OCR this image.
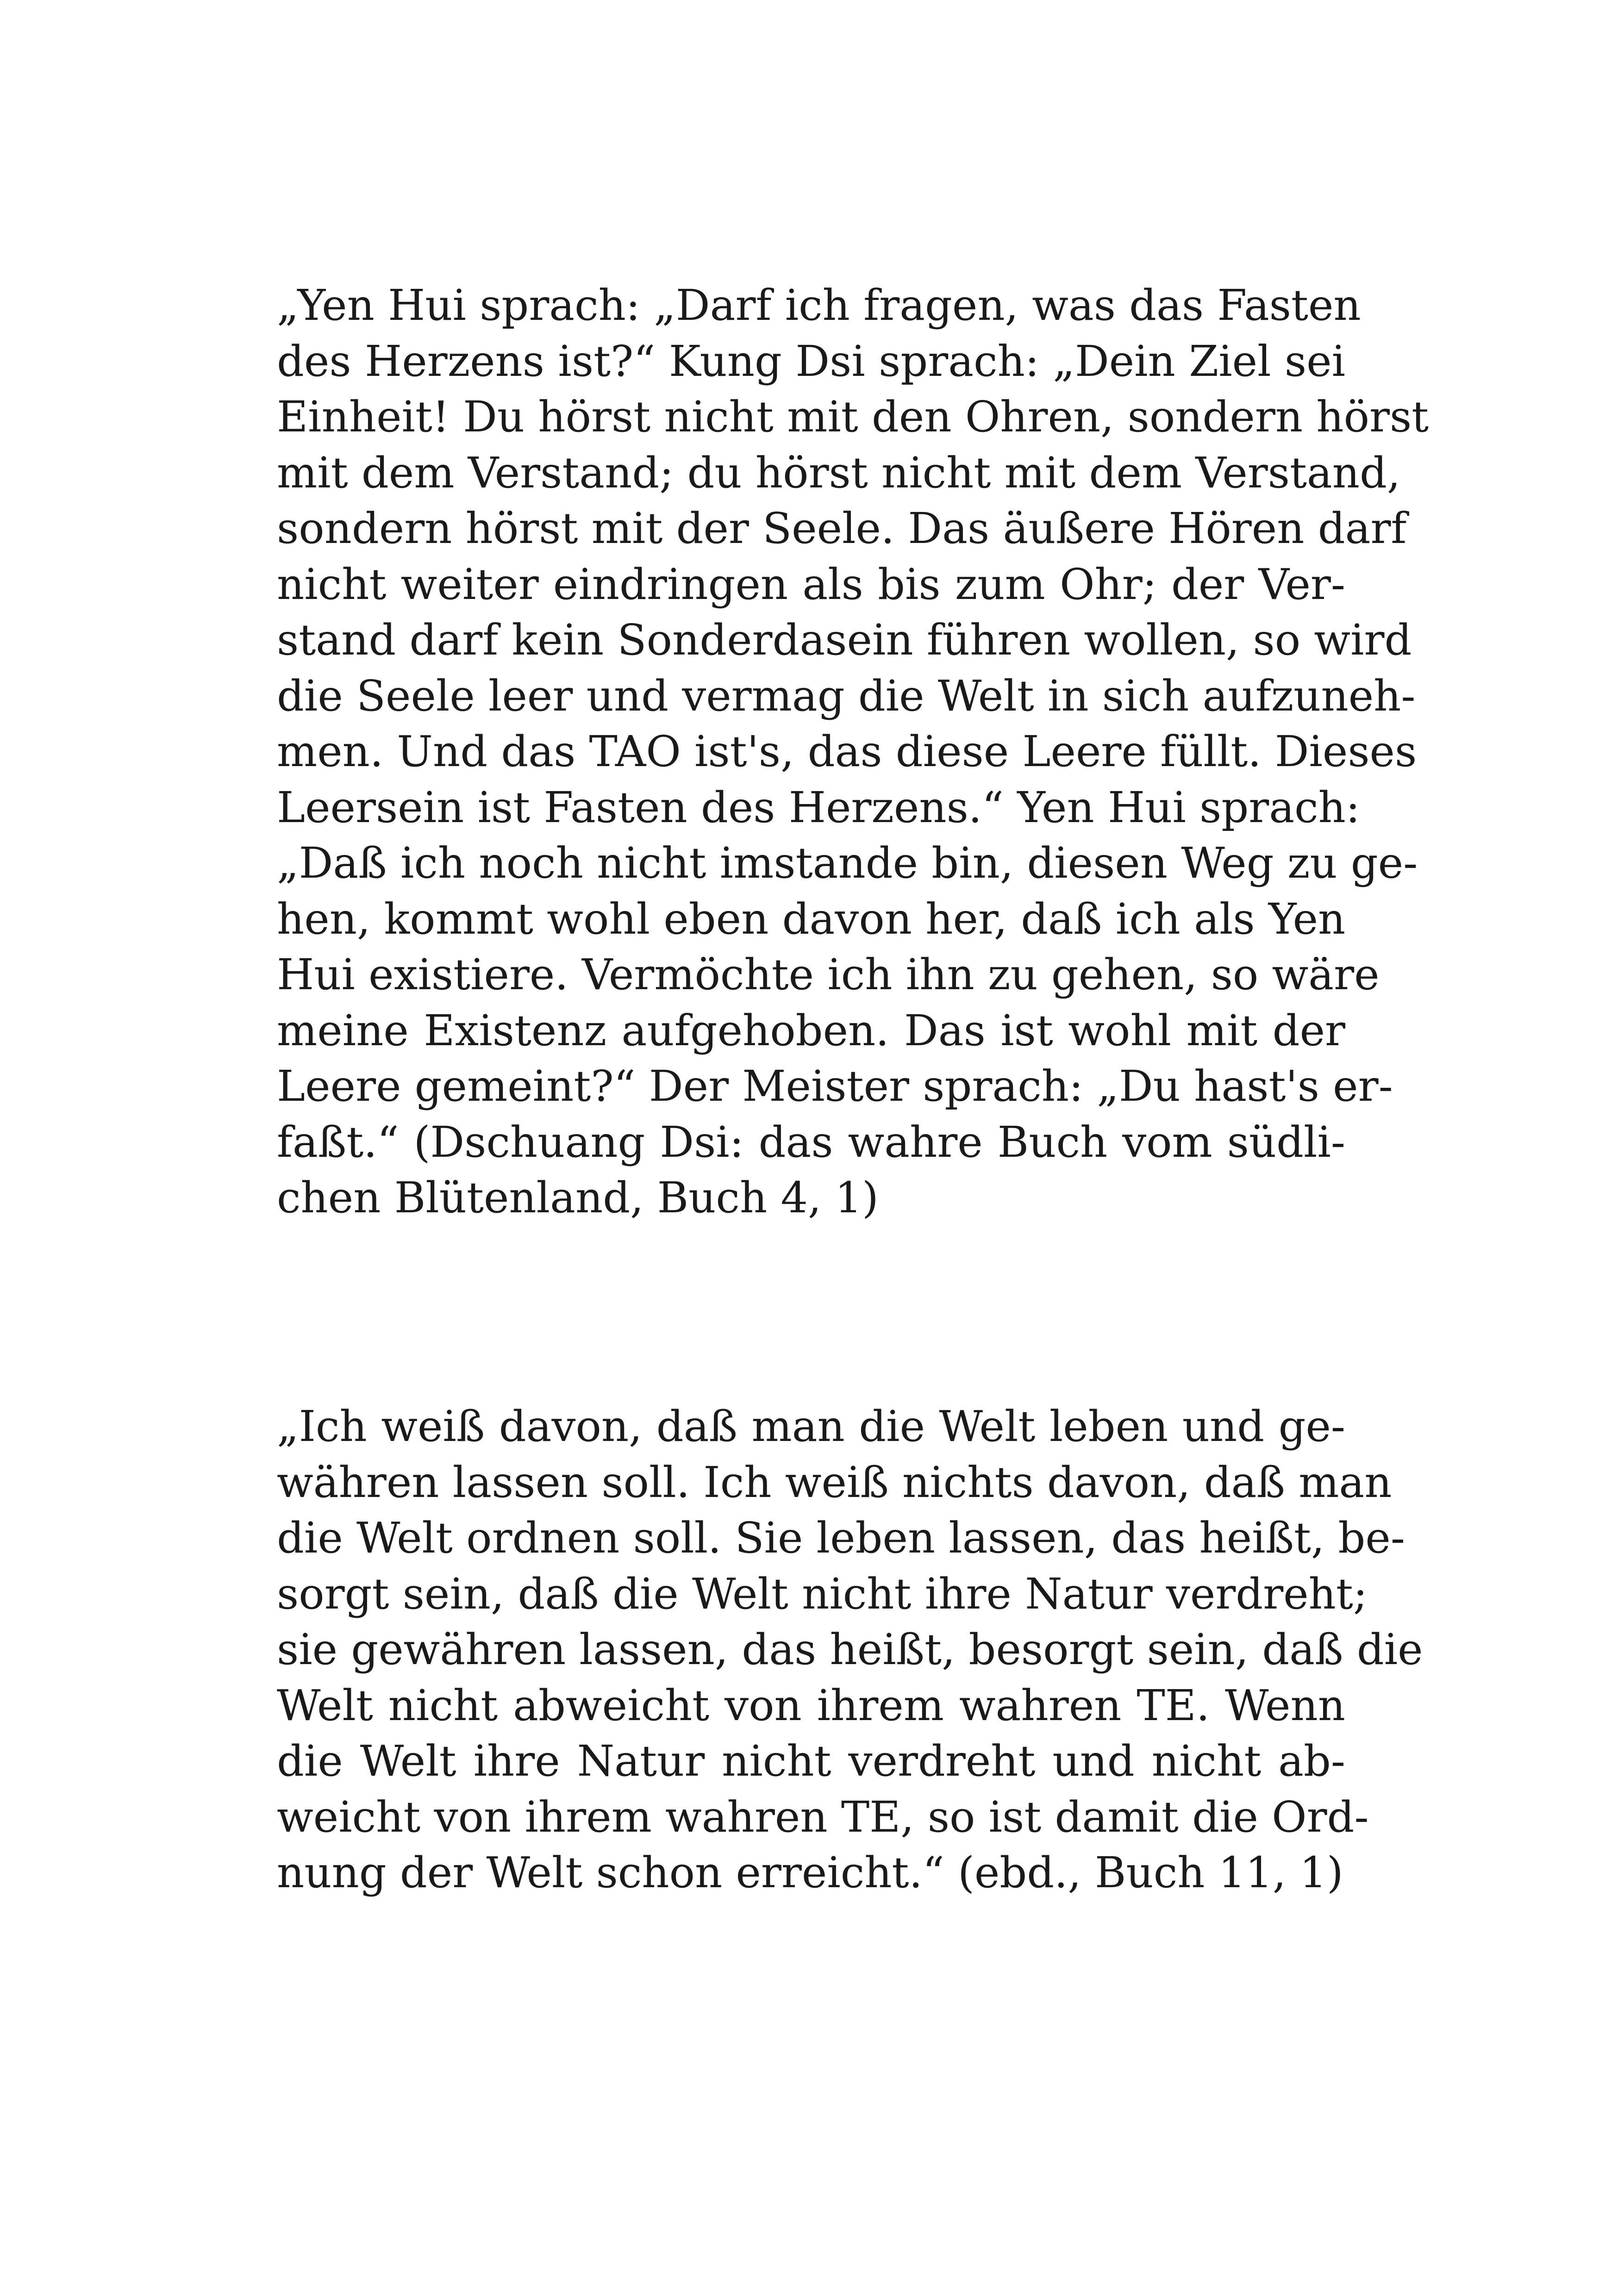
„Yen Hui sprach: „Darf ich fragen, was das Fasten
des Herzens ist?“ Kung Dsi sprach: „Dein Ziel sei
Einheit! Du hörst nicht mit den Ohren, sondern hörst
mit dem Verstand; du hörst nicht mit dem Verstand,
sondern hörst mit der Seele. Das äußere Hören darf
nicht weiter eindringen als bis zum Ohr; der Ver-
stand darf kein Sonderdasein führen wollen, so wird
die Seele leer und vermag die Welt in sich aufzuneh-
men. Und das TAO ist's, das diese Leere füllt. Dieses
Leersein ist Fasten des Herzens.“ Yen Hui sprach:
„Daß ich noch nicht imstande bin, diesen Weg zu ge-
hen, kommt wohl eben davon her, daß ich als Yen
Hui existiere. Vermöchte ich ihn zu gehen, so wäre
meine Existenz aufgehoben. Das ist wohl mit der
Leere gemeint?“ Der Meister sprach: „Du hast's er-
faßt.“ (Dschuang Dsi: das wahre Buch vom südli-
chen Blütenland, Buch 4, 1)
„Ich weiß davon, daß man die Welt leben und ge-
währen lassen soll. Ich weiß nichts davon, daß man
die Welt ordnen soll. Sie leben lassen, das heißt, be-
sorgt sein, daß die Welt nicht ihre Natur verdreht;
sie gewähren lassen, das heißt, besorgt sein, daß die
Welt nicht abweicht von ihrem wahren TE. Wenn
die Welt ihre Natur nicht verdreht und nicht ab-
weicht von ihrem wahren TE, so ist damit die Ord-
nung der Welt schon erreicht.“ (ebd., Buch 11, 1)
